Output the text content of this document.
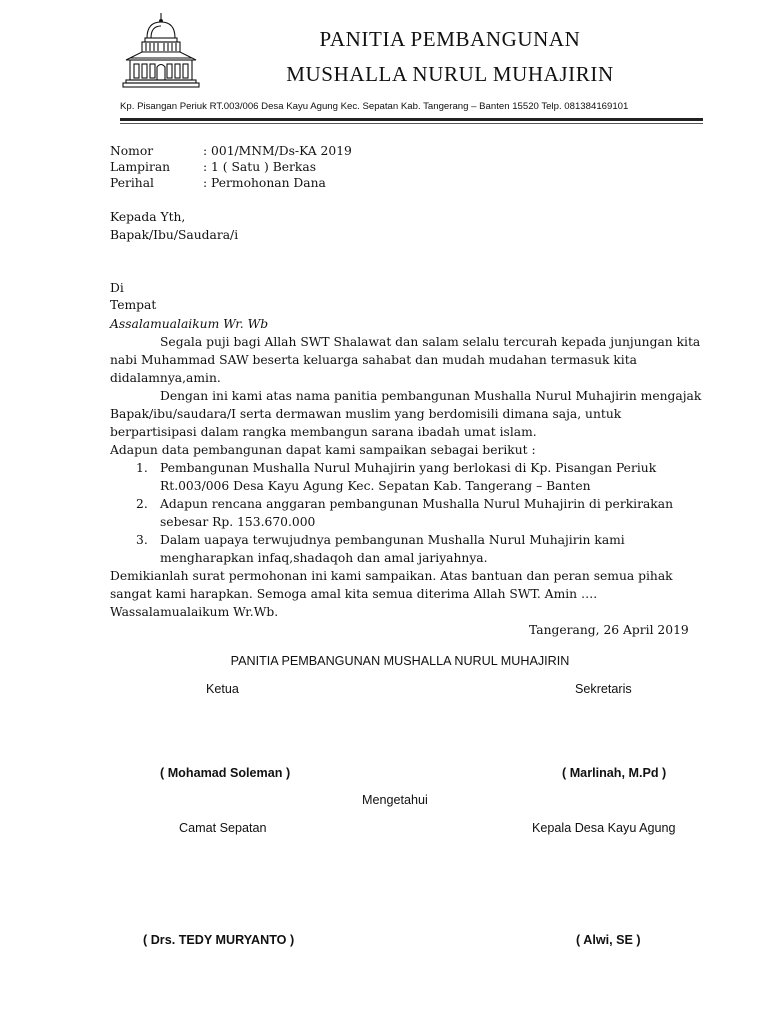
PANITIA PEMBANGUNAN
MUSHALLA NURUL MUHAJIRIN
Kp. Pisangan Periuk RT.003/006 Desa Kayu Agung Kec. Sepatan Kab. Tangerang – Banten 15520 Telp. 081384169101
Nomor	: 001/MNM/Ds-KA 2019
Lampiran	: 1 ( Satu ) Berkas
Perihal	: Permohonan Dana
Kepada Yth,
Bapak/Ibu/Saudara/i
Di
Tempat
Assalamualaikum Wr. Wb
Segala puji bagi Allah SWT Shalawat dan salam selalu tercurah kepada junjungan kita
nabi Muhammad SAW beserta keluarga sahabat dan mudah mudahan termasuk kita
didalamnya,amin.
Dengan ini kami atas nama panitia pembangunan Mushalla Nurul Muhajirin mengajak
Bapak/ibu/saudara/I serta dermawan muslim yang berdomisili dimana saja, untuk
berpartisipasi dalam rangka membangun sarana ibadah umat islam.
Adapun data pembangunan dapat kami sampaikan sebagai berikut :
1. Pembangunan Mushalla Nurul Muhajirin yang berlokasi di Kp. Pisangan Periuk
Rt.003/006 Desa Kayu Agung Kec. Sepatan Kab. Tangerang – Banten
2. Adapun rencana anggaran pembangunan Mushalla Nurul Muhajirin di perkirakan
sebesar Rp. 153.670.000
3. Dalam uapaya terwujudnya pembangunan Mushalla Nurul Muhajirin kami
mengharapkan infaq,shadaqoh dan amal jariyahnya.
Demikianlah surat permohonan ini kami sampaikan. Atas bantuan dan peran semua pihak
sangat kami harapkan. Semoga amal kita semua diterima Allah SWT. Amin ….
Wassalamualaikum Wr.Wb.
Tangerang, 26 April 2019
PANITIA PEMBANGUNAN MUSHALLA NURUL MUHAJIRIN
Ketua	Sekretaris
( Mohamad Soleman )	( Marlinah, M.Pd )
Mengetahui
Camat Sepatan	Kepala Desa Kayu Agung
( Drs. TEDY MURYANTO )	( Alwi, SE )
